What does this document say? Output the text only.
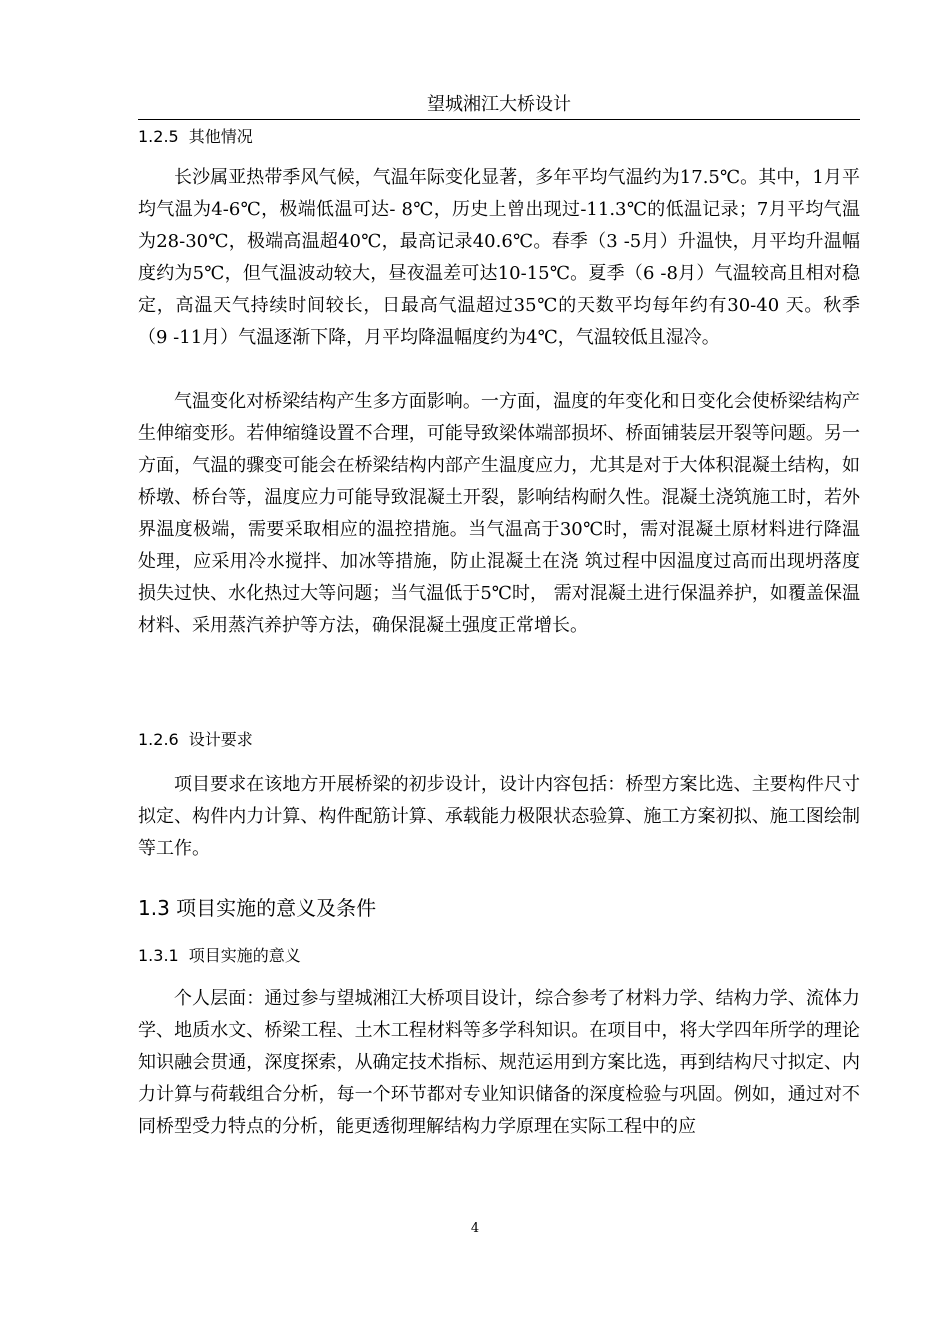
望城湘江大桥设计
1.2.5 其他情况

长沙属亚热带季风气候，气温年际变化显著，多年平均气温约为17.5℃。其中，1月平均气温为4-6℃，极端低温可达- 8℃，历史上曾出现过-11.3℃的低温记录；7月平均气温为28-30℃，极端高温超40℃，最高记录40.6℃。春季（3 -5月）升温快，月平均升温幅度约为5℃，但气温波动较大，昼夜温差可达10-15℃。夏季（6 -8月）气温较高且相对稳定，高温天气持续时间较长，日最高气温超过35℃的天数平均每年约有30-40 天。秋季（9 -11月）气温逐渐下降，月平均降温幅度约为4℃，气温较低且湿冷。

气温变化对桥梁结构产生多方面影响。一方面，温度的年变化和日变化会使桥梁结构产生伸缩变形。若伸缩缝设置不合理，可能导致梁体端部损坏、桥面铺装层开裂等问题。另一方面，气温的骤变可能会在桥梁结构内部产生温度应力，尤其是对于大体积混凝土结构，如桥墩、桥台等，温度应力可能导致混凝土开裂，影响结构耐久性。混凝土浇筑施工时，若外界温度极端，需要采取相应的温控措施。当气温高于30℃时，需对混凝土原材料进行降温处理，应采用冷水搅拌、加冰等措施，防止混凝土在浇 筑过程中因温度过高而出现坍落度损失过快、水化热过大等问题；当气温低于5℃时， 需对混凝土进行保温养护，如覆盖保温材料、采用蒸汽养护等方法，确保混凝土强度正常增长。

1.2.6 设计要求

项目要求在该地方开展桥梁的初步设计，设计内容包括：桥型方案比选、主要构件尺寸拟定、构件内力计算、构件配筋计算、承载能力极限状态验算、施工方案初拟、施工图绘制等工作。

1.3 项目实施的意义及条件
1.3.1 项目实施的意义

个人层面：通过参与望城湘江大桥项目设计，综合参考了材料力学、结构力学、流体力学、地质水文、桥梁工程、土木工程材料等多学科知识。在项目中，将大学四年所学的理论知识融会贯通，深度探索，从确定技术指标、规范运用到方案比选，再到结构尺寸拟定、内力计算与荷载组合分析，每一个环节都对专业知识储备的深度检验与巩固。例如，通过对不同桥型受力特点的分析，能更透彻理解结构力学原理在实际工程中的应

4
